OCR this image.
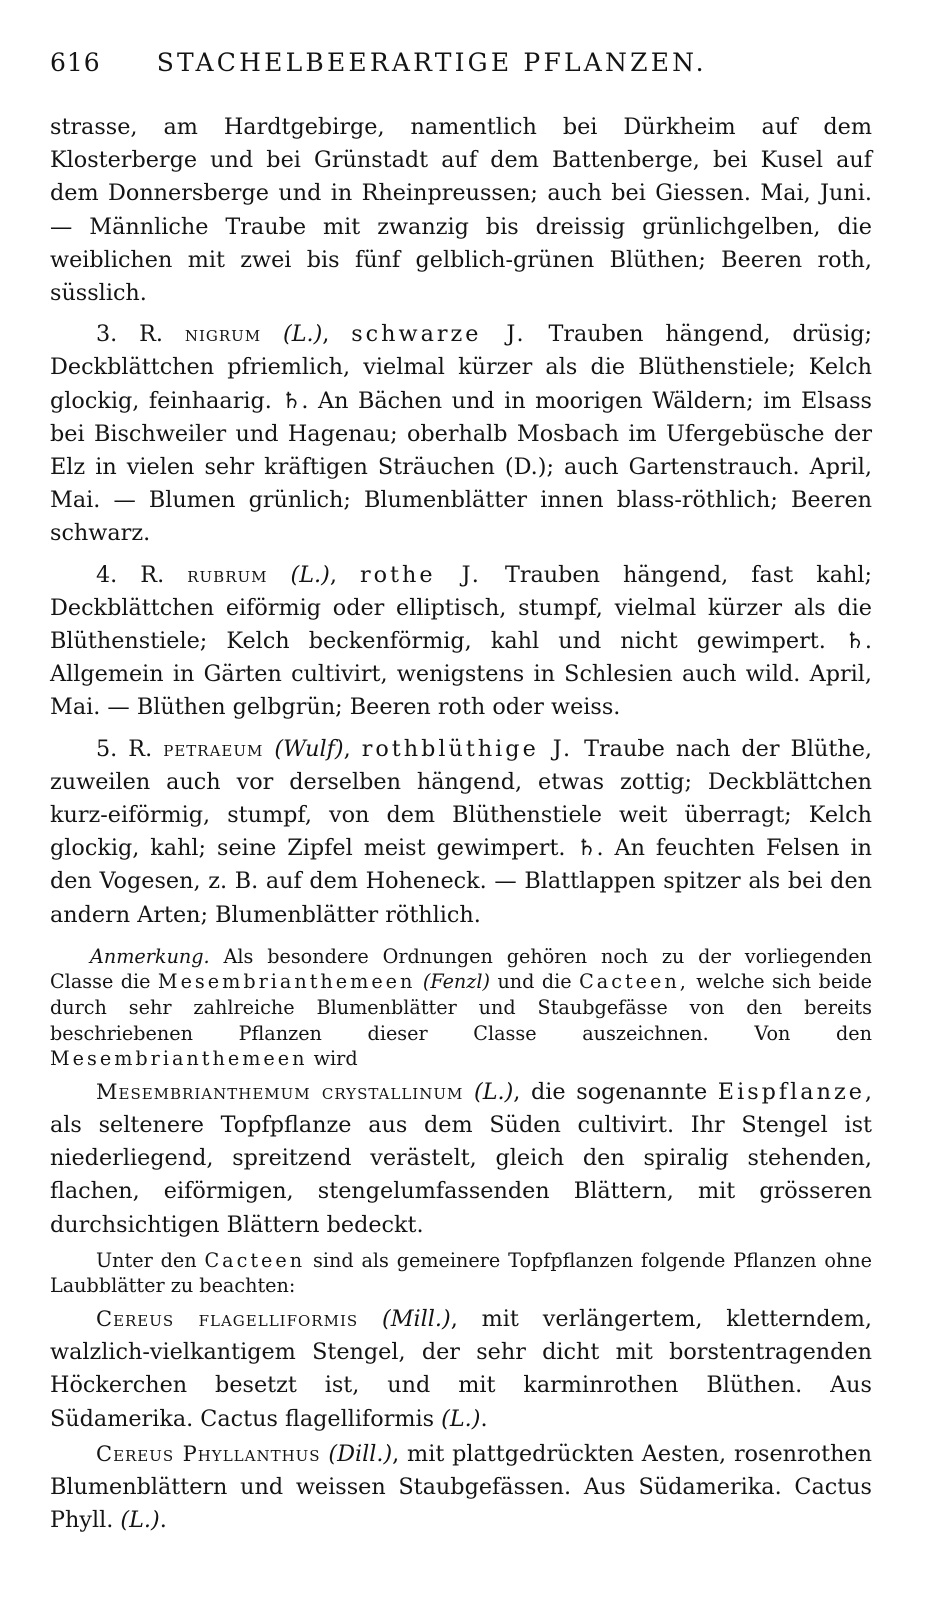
616 STACHELBEERARTIGE PFLANZEN.

strasse, am Hardtgebirge, namentlich bei Dürkheim auf dem Klosterberge und bei Grünstadt auf dem Battenberge, bei Kusel auf dem Donnersberge und in Rheinpreussen; auch bei Giessen. Mai, Juni. — Männliche Traube mit zwanzig bis dreissig grünlichgelben, die weiblichen mit zwei bis fünf gelblich-grünen Blüthen; Beeren roth, süsslich.

3. R. nigrum (L.), schwarze J. Trauben hängend, drüsig; Deckblättchen pfriemlich, vielmal kürzer als die Blüthenstiele; Kelch glockig, feinhaarig. ♄. An Bächen und in moorigen Wäldern; im Elsass bei Bischweiler und Hagenau; oberhalb Mosbach im Ufergebüsche der Elz in vielen sehr kräftigen Sträuchen (D.); auch Gartenstrauch. April, Mai. — Blumen grünlich; Blumenblätter innen blass-röthlich; Beeren schwarz.

4. R. rubrum (L.), rothe J. Trauben hängend, fast kahl; Deckblättchen eiförmig oder elliptisch, stumpf, vielmal kürzer als die Blüthenstiele; Kelch beckenförmig, kahl und nicht gewimpert. ♄. Allgemein in Gärten cultivirt, wenigstens in Schlesien auch wild. April, Mai. — Blüthen gelbgrün; Beeren roth oder weiss.

5. R. petraeum (Wulf), rothblüthige J. Traube nach der Blüthe, zuweilen auch vor derselben hängend, etwas zottig; Deckblättchen kurz-eiförmig, stumpf, von dem Blüthenstiele weit überragt; Kelch glockig, kahl; seine Zipfel meist gewimpert. ♄. An feuchten Felsen in den Vogesen, z. B. auf dem Hoheneck. — Blattlappen spitzer als bei den andern Arten; Blumenblätter röthlich.

Anmerkung. Als besondere Ordnungen gehören noch zu der vorliegenden Classe die Mesembrianthemeen (Fenzl) und die Cacteen, welche sich beide durch sehr zahlreiche Blumenblätter und Staubgefässe von den bereits beschriebenen Pflanzen dieser Classe auszeichnen. Von den Mesembrianthemeen wird

Mesembrianthemum crystallinum (L.), die sogenannte Eispflanze, als seltenere Topfpflanze aus dem Süden cultivirt. Ihr Stengel ist niederliegend, spreitzend verästelt, gleich den spiralig stehenden, flachen, eiförmigen, stengelumfassenden Blättern, mit grösseren durchsichtigen Blättern bedeckt.

Unter den Cacteen sind als gemeinere Topfpflanzen folgende Pflanzen ohne Laubblätter zu beachten:

Cereus flagelliformis (Mill.), mit verlängertem, kletterndem, walzlich-vielkantigem Stengel, der sehr dicht mit borstentragenden Höckerchen besetzt ist, und mit karminrothen Blüthen. Aus Südamerika. Cactus flagelliformis (L.).

Cereus Phyllanthus (Dill.), mit plattgedrückten Aesten, rosenrothen Blumenblättern und weissen Staubgefässen. Aus Südamerika. Cactus Phyll. (L.).
